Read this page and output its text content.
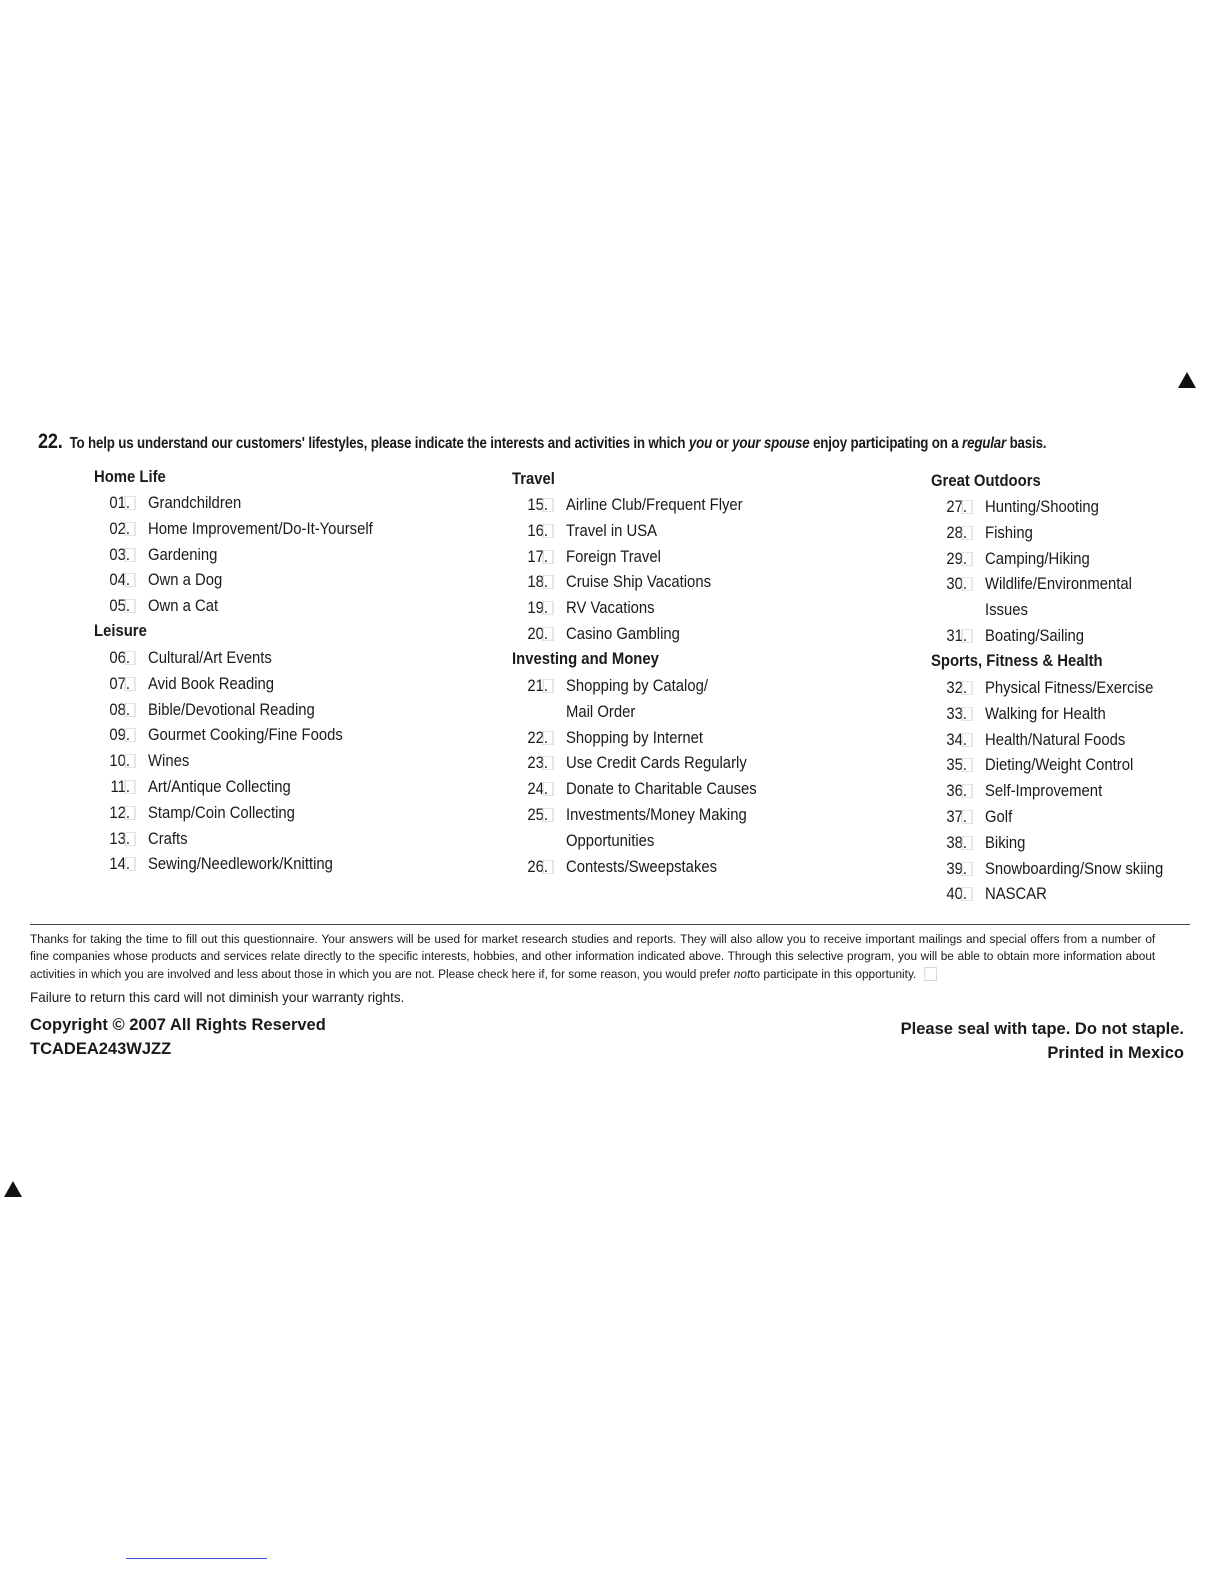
22. To help us understand our customers' lifestyles, please indicate the interests and activities in which you or your spouse enjoy participating on a regular basis.
Home Life
Leisure
01. Grandchildren
02. Home Improvement/Do-It-Yourself
03. Gardening
04. Own a Dog
05. Own a Cat
06. Cultural/Art Events
07. Avid Book Reading
08. Bible/Devotional Reading
09. Gourmet Cooking/Fine Foods
10. Wines
11. Art/Antique Collecting
12. Stamp/Coin Collecting
13. Crafts
14. Sewing/Needlework/Knitting
Travel
Investing and Money
15. Airline Club/Frequent Flyer
16. Travel in USA
17. Foreign Travel
18. Cruise Ship Vacations
19. RV Vacations
20. Casino Gambling
21. Shopping by Catalog/
Mail Order
22. Shopping by Internet
23. Use Credit Cards Regularly
24. Donate to Charitable Causes
25. Investments/Money Making
Opportunities
26. Contests/Sweepstakes
Great Outdoors
Sports, Fitness & Health
27. Hunting/Shooting
28. Fishing
29. Camping/Hiking
30. Wildlife/Environmental
Issues
31. Boating/Sailing
32. Physical Fitness/Exercise
33. Walking for Health
34. Health/Natural Foods
35. Dieting/Weight Control
36. Self-Improvement
37. Golf
38. Biking
39. Snowboarding/Snow skiing
40. NASCAR
Thanks for taking the time to fill out this questionnaire. Your answers will be used for market research studies and reports. They will also allow you to receive important mailings and special offers from a number of fine companies whose products and services relate directly to the specific interests, hobbies, and other information indicated above. Through this selective program, you will be able to obtain more information about activities in which you are involved and less about those in which you are not. Please check here if, for some reason, you would prefer notto participate in this opportunity.
Failure to return this card will not diminish your warranty rights.
Copyright © 2007 All Rights Reserved
TCADEA243WJZZ
Please seal with tape. Do not staple.
Printed in Mexico
